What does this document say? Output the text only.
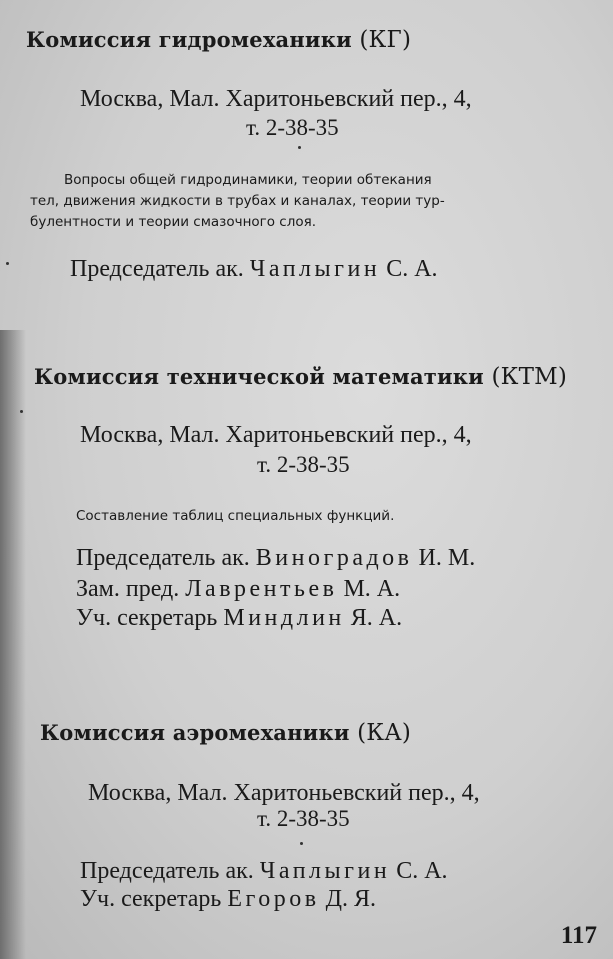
Комиссия гидромеханики (КГ)
Москва, Мал. Харитоньевский пер., 4,
т. 2-38-35
Вопросы общей гидродинамики, теории обтекания
тел, движения жидкости в трубах и каналах, теории тур-
булентности и теории смазочного слоя.
Председатель ак. Чаплыгин С. А.
Комиссия технической математики (КТМ)
Москва, Мал. Харитоньевский пер., 4,
т. 2-38-35
Составление таблиц специальных функций.
Председатель ак. Виноградов И. М.
Зам. пред. Лаврентьев М. А.
Уч. секретарь Миндлин Я. А.
Комиссия аэромеханики (КА)
Москва, Мал. Харитоньевский пер., 4,
т. 2-38-35
Председатель ак. Чаплыгин С. А.
Уч. секретарь Егоров Д. Я.
117
